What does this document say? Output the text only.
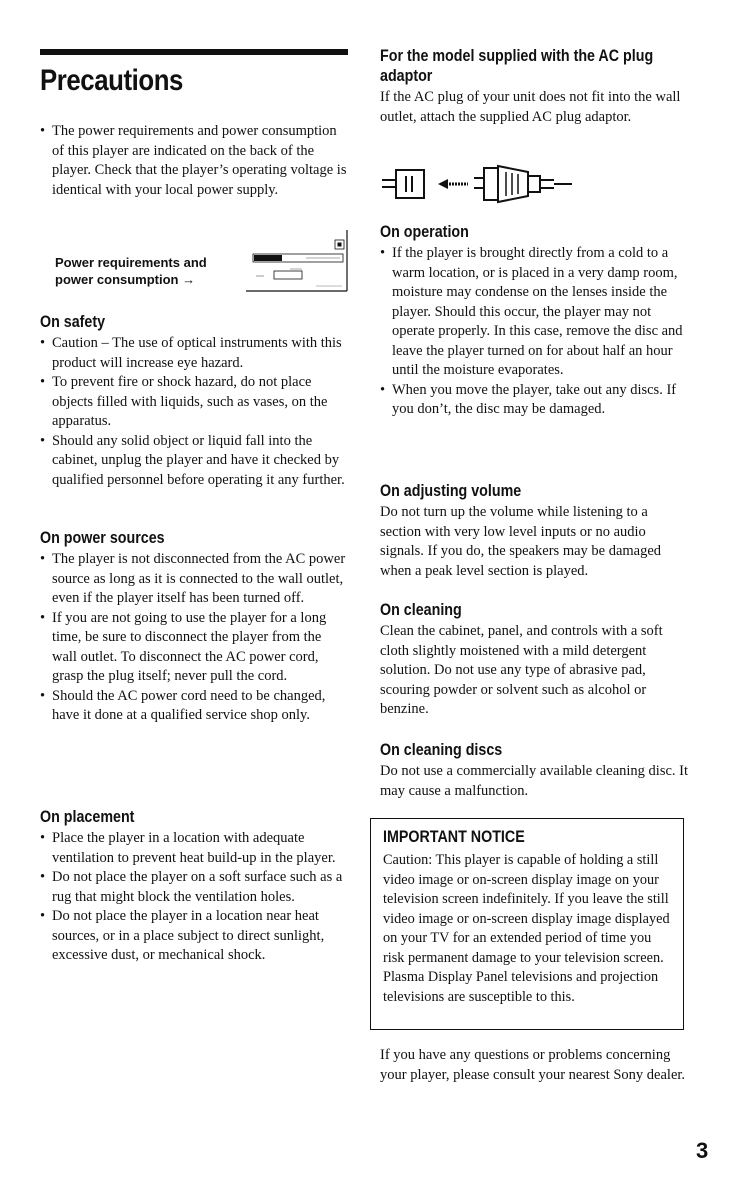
Precautions
• The power requirements and power consumption of this player are indicated on the back of the player. Check that the player’s operating voltage is identical with your local power supply.
Power requirements and
power consumption →
On safety
• Caution – The use of optical instruments with this product will increase eye hazard.
• To prevent fire or shock hazard, do not place objects filled with liquids, such as vases, on the apparatus.
• Should any solid object or liquid fall into the cabinet, unplug the player and have it checked by qualified personnel before operating it any further.
On power sources
• The player is not disconnected from the AC power source as long as it is connected to the wall outlet, even if the player itself has been turned off.
• If you are not going to use the player for a long time, be sure to disconnect the player from the wall outlet. To disconnect the AC power cord, grasp the plug itself; never pull the cord.
• Should the AC power cord need to be changed, have it done at a qualified service shop only.
On placement
• Place the player in a location with adequate ventilation to prevent heat build-up in the player.
• Do not place the player on a soft surface such as a rug that might block the ventilation holes.
• Do not place the player in a location near heat sources, or in a place subject to direct sunlight, excessive dust, or mechanical shock.
For the model supplied with the AC plug adaptor

If the AC plug of your unit does not fit into the wall outlet, attach the supplied AC plug adaptor.

On operation
• If the player is brought directly from a cold to a warm location, or is placed in a very damp room, moisture may condense on the lenses inside the player. Should this occur, the player may not operate properly. In this case, remove the disc and leave the player turned on for about half an hour until the moisture evaporates.
• When you move the player, take out any discs. If you don’t, the disc may be damaged.
On adjusting volume

Do not turn up the volume while listening to a section with very low level inputs or no audio signals. If you do, the speakers may be damaged when a peak level section is played.

On cleaning

Clean the cabinet, panel, and controls with a soft cloth slightly moistened with a mild detergent solution. Do not use any type of abrasive pad, scouring powder or solvent such as alcohol or benzine.

On cleaning discs

Do not use a commercially available cleaning disc. It may cause a malfunction.

IMPORTANT NOTICE

Caution: This player is capable of holding a still video image or on-screen display image on your television screen indefinitely. If you leave the still video image or on-screen display image displayed on your TV for an extended period of time you risk permanent damage to your television screen. Plasma Display Panel televisions and projection televisions are susceptible to this.

If you have any questions or problems concerning your player, please consult your nearest Sony dealer.

3
